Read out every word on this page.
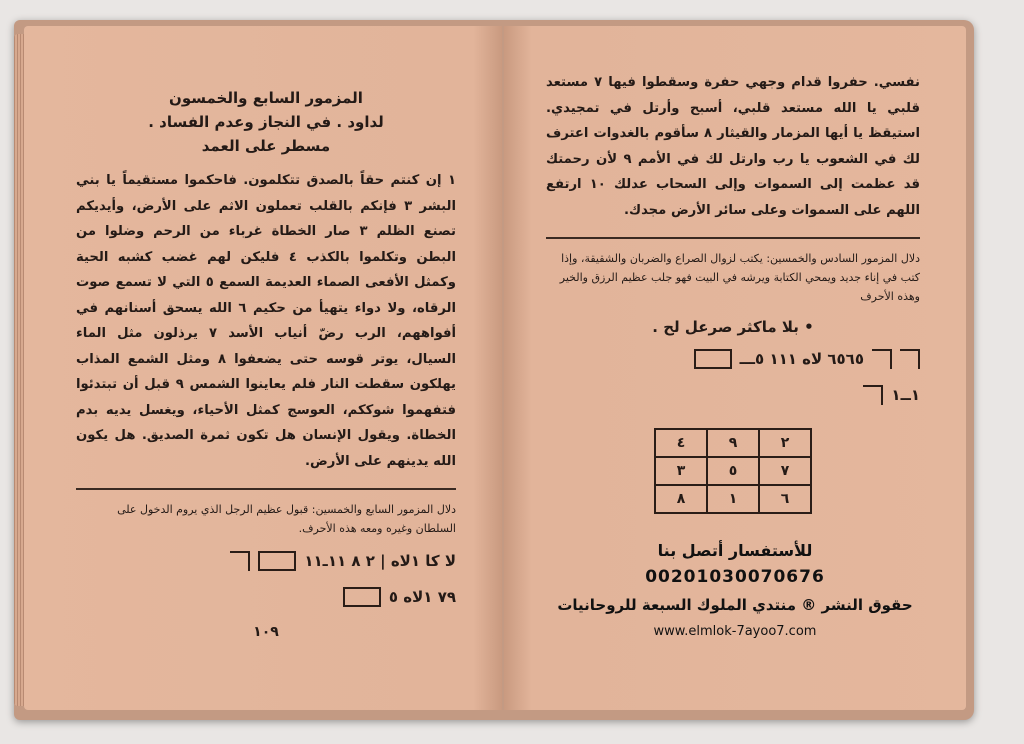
المزمور السابع والخمسون
لداود . في النجاز وعدم الفساد .
مسطر على العمد
١ إن كنتم حقاً بالصدق تتكلمون. فاحكموا مستقيماً يا بني البشر ٣ فإنكم بالقلب تعملون الاثم على الأرض، وأيديكم تصنع الظلم ٣ صار الخطاة غرباء من الرحم وضلوا من البطن وتكلموا بالكذب ٤ فليكن لهم غضب كشبه الحية وكمثل الأفعى الصماء العديمة السمع ٥ التي لا تسمع صوت الرقاه، ولا دواء يتهيأ من حكيم ٦ الله يسحق أسنانهم في أفواههم، الرب رضّ أنياب الأسد ٧ يرذلون مثل الماء السيال، يوتر قوسه حتى يضعفوا ٨ ومثل الشمع المذاب يهلكون سقطت النار فلم يعاينوا الشمس ٩ قبل أن تبتدئوا فتفهموا شوككم، العوسج كمثل الأحياء، ويغسل يديه بدم الخطاة. ويقول الإنسان هل تكون ثمرة الصديق. هل يكون الله يدينهم على الأرض.
دلال المزمور السابع والخمسين: قبول عظيم الرجل الذي يروم الدخول على السلطان وغيره ومعه هذه الأحرف.
لا كا ١لاه | ٢ ٨ ١١ـ١١
٧٩ ١لاه ٥
١٠٩
نفسي. حفروا قدام وجهي حفرة وسقطوا فيها ٧ مستعد قلبي يا الله مستعد قلبي، أسبح وأرتل في تمجيدي. استيقظ يا أيها المزمار والقيثار ٨ سأقوم بالغدوات اعترف لك في الشعوب يا رب وارتل لك في الأمم ٩ لأن رحمتك قد عظمت إلى السموات وإلى السحاب عدلك ١٠ ارتفع اللهم على السموات وعلى سائر الأرض مجدك.
دلال المزمور السادس والخمسين: يكتب لزوال الصراع والضربان والشقيقة، وإذا كتب في إناء جديد ويمحي الكتابة ويرشه في البيت فهو جلب عظيم الرزق والخير وهذه الأحرف
• بلا ماكثر صرعل لح .
٦٥٦٥ لاه ١١١ ٥ـــ
١ــ١
٢	٩	٤
٧	٥	٣
٦	١	٨
للأستفسار أتصل بنا
00201030070676
حقوق النشر ® منتدي الملوك السبعة للروحانيات
www.elmlok-7ayoo7.com
